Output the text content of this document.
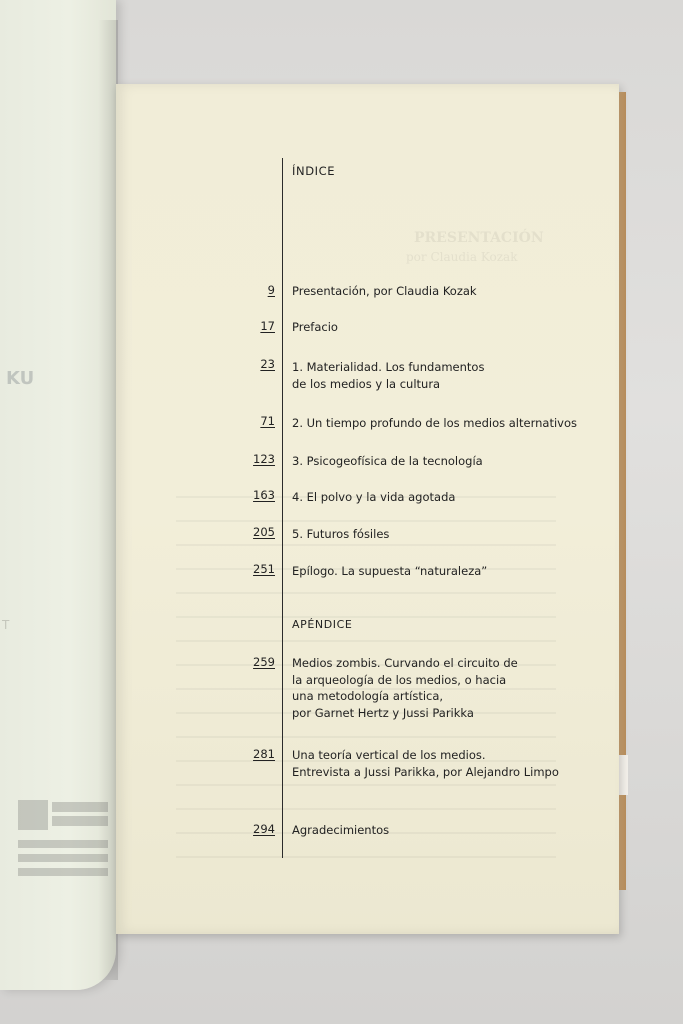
KU
T
PRESENTACIÓN
por Claudia Kozak
ÍNDICE
9 Presentación, por Claudia Kozak
17 Prefacio
23 1. Materialidad. Los fundamentos
de los medios y la cultura
71 2. Un tiempo profundo de los medios alternativos
123 3. Psicogeofísica de la tecnología
163 4. El polvo y la vida agotada
205 5. Futuros fósiles
251 Epílogo. La supuesta “naturaleza”
APÉNDICE
259 Medios zombis. Curvando el circuito de
la arqueología de los medios, o hacia
una metodología artística,
por Garnet Hertz y Jussi Parikka
281 Una teoría vertical de los medios.
Entrevista a Jussi Parikka, por Alejandro Limpo
294 Agradecimientos
